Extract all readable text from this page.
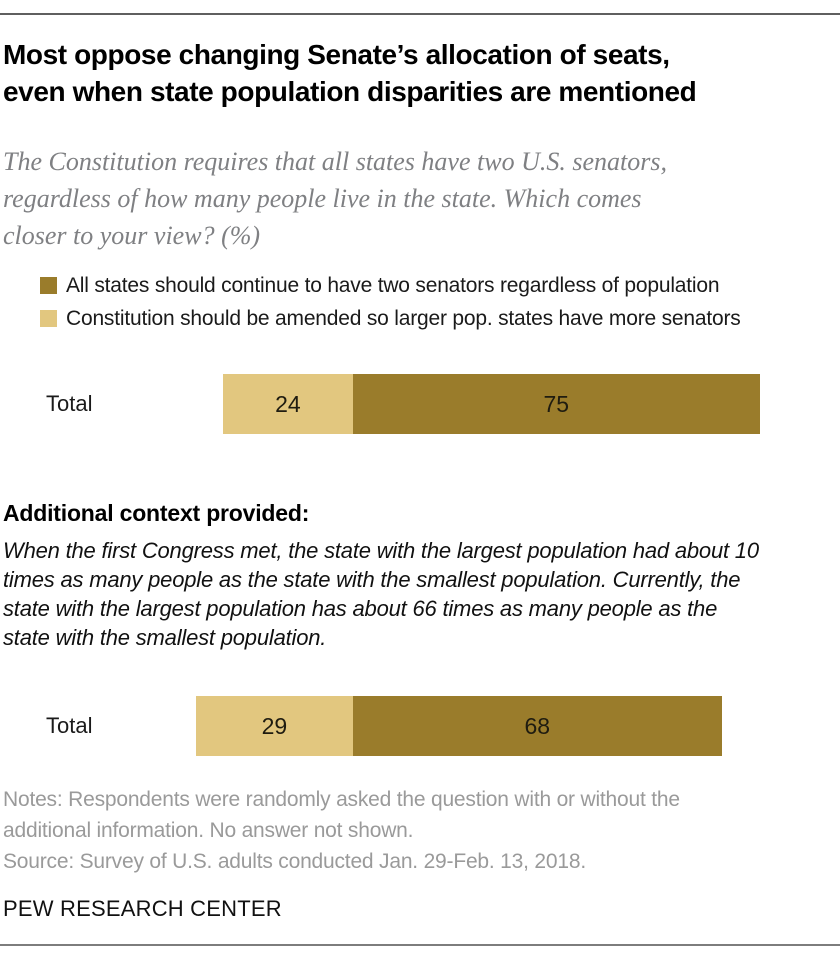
Most oppose changing Senate’s allocation of seats,
even when state population disparities are mentioned
The Constitution requires that all states have two U.S. senators,
regardless of how many people live in the state. Which comes
closer to your view? (%)
All states should continue to have two senators regardless of population
Constitution should be amended so larger pop. states have more senators
Total	24	75
Additional context provided:
When the first Congress met, the state with the largest population had about 10
times as many people as the state with the smallest population. Currently, the
state with the largest population has about 66 times as many people as the
state with the smallest population.
Total	29	68
Notes: Respondents were randomly asked the question with or without the
additional information. No answer not shown.
Source: Survey of U.S. adults conducted Jan. 29-Feb. 13, 2018.
PEW RESEARCH CENTER
